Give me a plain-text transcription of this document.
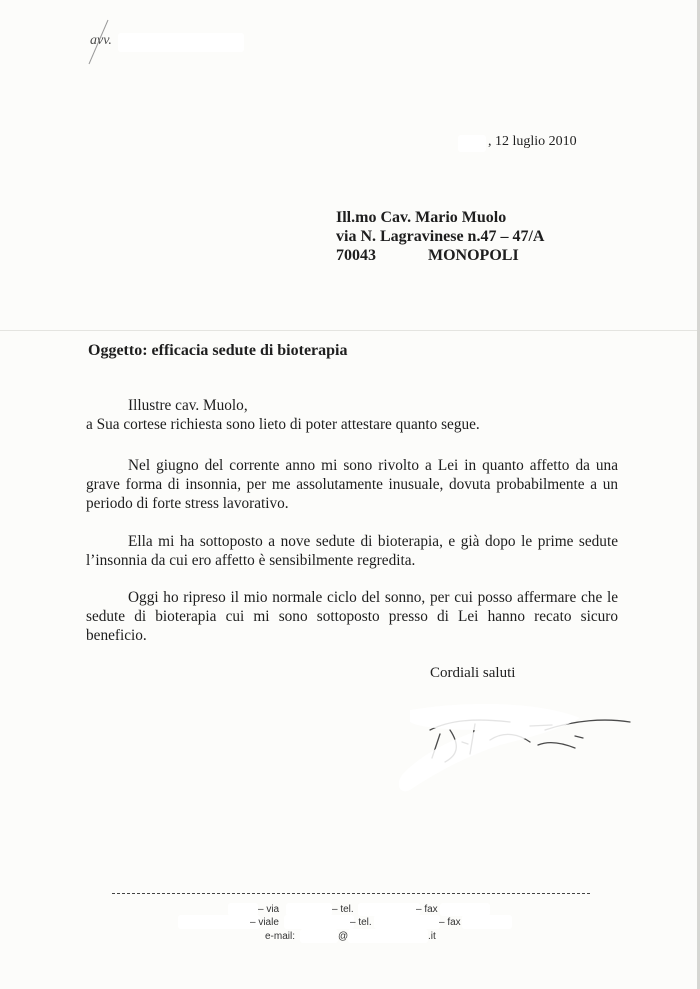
avv.
, 12 luglio 2010
Ill.mo Cav. Mario Muolo
via N. Lagravinese n.47 – 47/A
70043	MONOPOLI
Oggetto: efficacia sedute di bioterapia
Illustre cav. Muolo,
a Sua cortese richiesta sono lieto di poter attestare quanto segue.
Nel giugno del corrente anno mi sono rivolto a Lei in quanto affetto da una grave forma di insonnia, per me assolutamente inusuale, dovuta probabilmente a un periodo di forte stress lavorativo.
Ella mi ha sottoposto a nove sedute di bioterapia, e già dopo le prime sedute l’insonnia da cui ero affetto è sensibilmente regredita.
Oggi ho ripreso il mio normale ciclo del sonno, per cui posso affermare che le sedute di bioterapia cui mi sono sottoposto presso di Lei hanno recato sicuro beneficio.
Cordiali saluti
– via	– tel.	– fax
– viale	– tel.	– fax
e-mail:	@	.it
